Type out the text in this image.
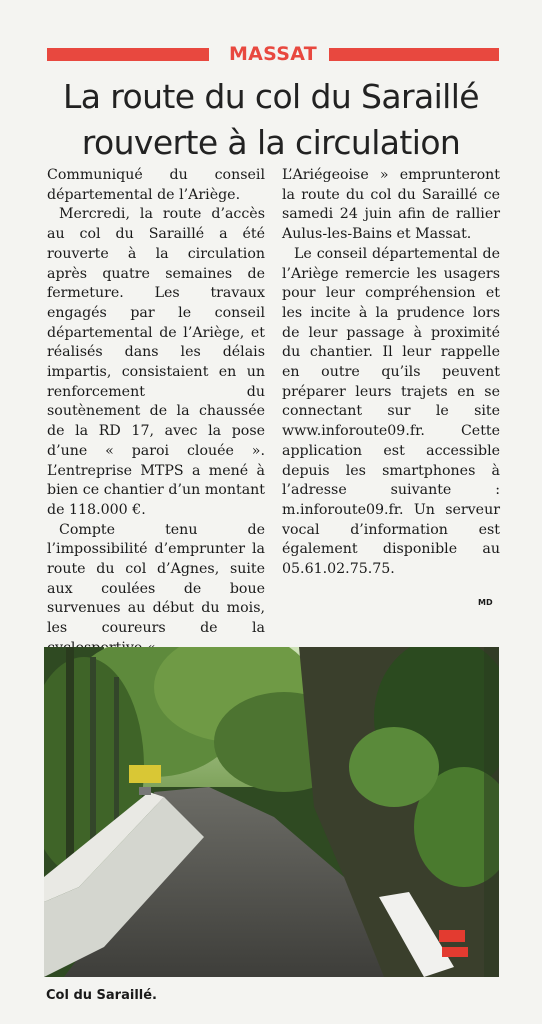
MASSAT
La route du col du Saraillé
rouverte à la circulation

Communiqué du conseil départemental de l’Ariège.

Mercredi, la route d’accès au col du Saraillé a été rouverte à la circulation après quatre semaines de fermeture. Les travaux engagés par le conseil départemental de l’Ariège, et réalisés dans les délais impartis, consistaient en un renforcement du soutènement de la chaussée de la RD 17, avec la pose d’une « paroi clouée ». L’entreprise MTPS a mené à bien ce chantier d’un montant de 118.000 €.

Compte tenu de l’impossibilité d’emprunter la route du col d’Agnes, suite aux coulées de boue survenues au début du mois, les coureurs de la

L’Ariégeoise » emprunteront la route du col du Saraillé ce samedi 24 juin afin de rallier Aulus-les-Bains et Massat.

Le conseil départemental de l’Ariège remercie les usagers pour leur compréhension et les incite à la prudence lors de leur passage à proximité du chantier. Il leur rappelle en outre qu’ils peuvent préparer leurs trajets en se connectant sur le site www.inforoute09.fr. Cette application est accessible depuis les smartphones à l’adresse suivante : m.inforoute09.fr. Un serveur vocal d’information est également disponible au 05.61.02.75.75.

MD
Col du Saraillé.
